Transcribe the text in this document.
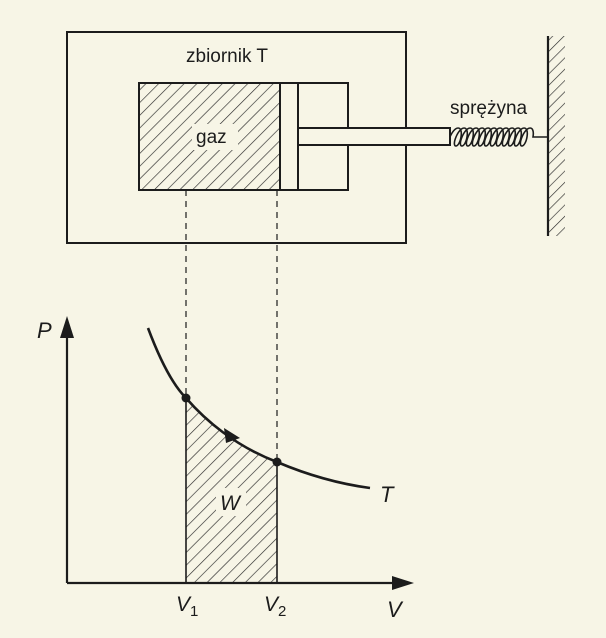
zbiornik T
gaz
sprężyna
W
P
V
T
$V_1$	$V_2$
